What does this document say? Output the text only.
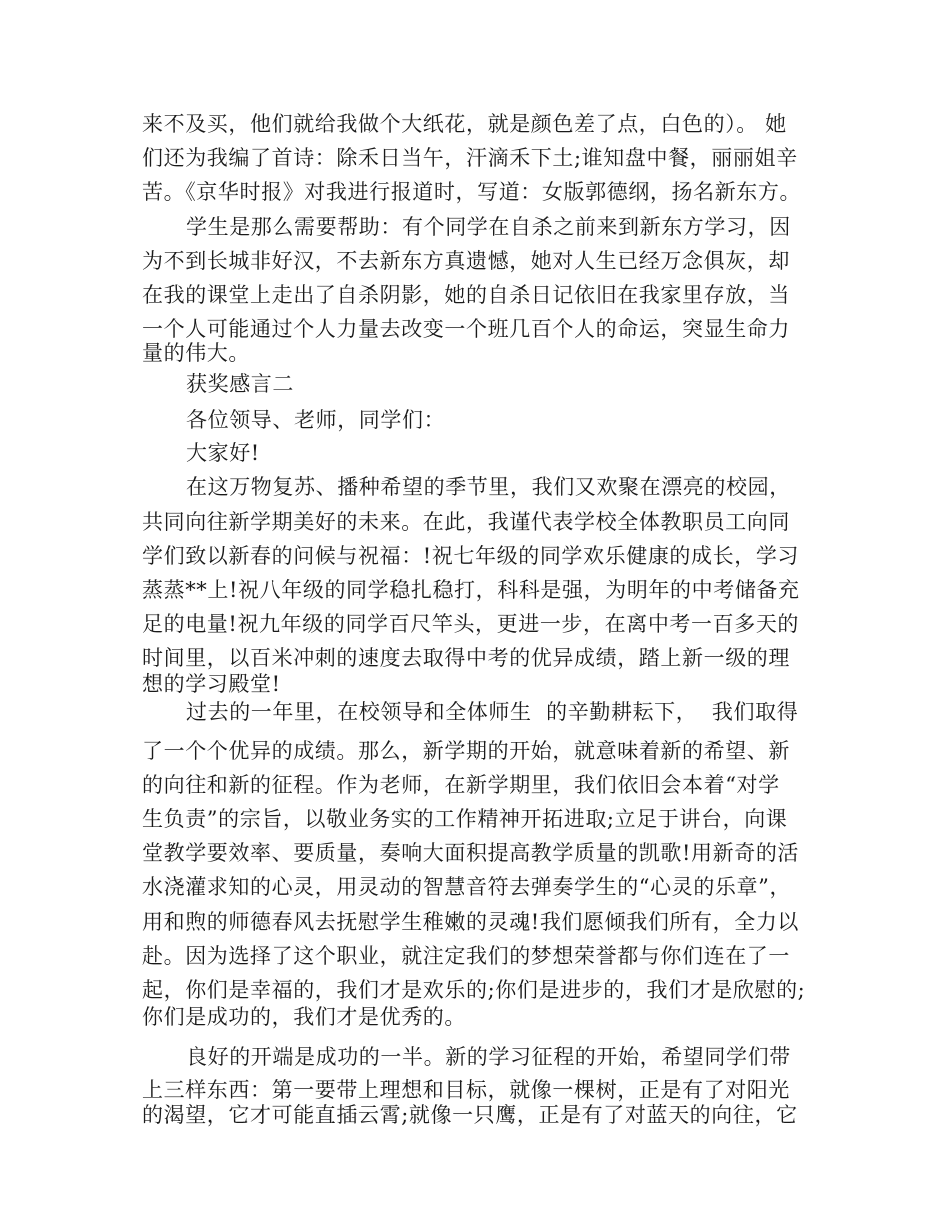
来不及买，他们就给我做个大纸花，就是颜色差了点，白色的）。 她
们还为我编了首诗：除禾日当午，汗滴禾下土;谁知盘中餐，丽丽姐辛
苦。《京华时报》对我进行报道时，写道：女版郭德纲，扬名新东方。
学生是那么需要帮助：有个同学在自杀之前来到新东方学习，因
为不到长城非好汉，不去新东方真遗憾，她对人生已经万念俱灰，却
在我的课堂上走出了自杀阴影，她的自杀日记依旧在我家里存放，当
一个人可能通过个人力量去改变一个班几百个人的命运，突显生命力
量的伟大。
获奖感言二
各位领导、老师，同学们：
大家好!
在这万物复苏、播种希望的季节里，我们又欢聚在漂亮的校园，
共同向往新学期美好的未来。在此，我谨代表学校全体教职员工向同
学们致以新春的问候与祝福：!祝七年级的同学欢乐健康的成长，学习
蒸蒸**上!祝八年级的同学稳扎稳打，科科是强，为明年的中考储备充
足的电量!祝九年级的同学百尺竿头，更进一步，在离中考一百多天的
时间里，以百米冲刺的速度去取得中考的优异成绩，踏上新一级的理
想的学习殿堂!
过去的一年里，在校领导和全体师生  的辛勤耕耘下，  我们取得
了一个个优异的成绩。那么，新学期的开始，就意味着新的希望、新
的向往和新的征程。作为老师，在新学期里，我们依旧会本着“对学
生负责”的宗旨，以敬业务实的工作精神开拓进取;立足于讲台，向课
堂教学要效率、要质量，奏响大面积提高教学质量的凯歌!用新奇的活
水浇灌求知的心灵，用灵动的智慧音符去弹奏学生的“心灵的乐章”，
用和煦的师德春风去抚慰学生稚嫩的灵魂!我们愿倾我们所有，全力以
赴。因为选择了这个职业，就注定我们的梦想荣誉都与你们连在了一
起，你们是幸福的，我们才是欢乐的;你们是进步的，我们才是欣慰的;
你们是成功的，我们才是优秀的。
良好的开端是成功的一半。新的学习征程的开始，希望同学们带
上三样东西：第一要带上理想和目标，就像一棵树，正是有了对阳光
的渴望，它才可能直插云霄;就像一只鹰，正是有了对蓝天的向往，它
